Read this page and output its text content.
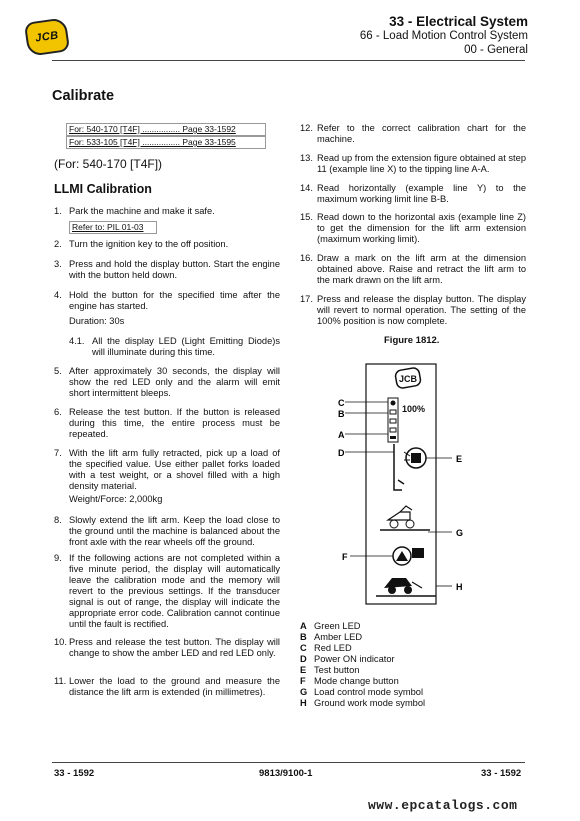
JCB
33 - Electrical System
66 - Load Motion Control System
00 - General
Calibrate
For: 540-170 [T4F] ................ Page 33-1592
For: 533-105 [T4F] ................ Page 33-1595
(For: 540-170 [T4F])
LLMI Calibration
1. Park the machine and make it safe.
Refer to: PIL 01-03
2. Turn the ignition key to the off position.
3. Press and hold the display button. Start the engine with the button held down.
4. Hold the button for the specified time after the engine has started.
Duration: 30s
4.1. All the display LED (Light Emitting Diode)s will illuminate during this time.
5. After approximately 30 seconds, the display will show the red LED only and the alarm will emit short intermittent bleeps.
6. Release the test button. If the button is released during this time, the entire process must be repeated.
7. With the lift arm fully retracted, pick up a load of the specified value. Use either pallet forks loaded with a test weight, or a shovel filled with a high density material.
Weight/Force: 2,000kg
8. Slowly extend the lift arm. Keep the load close to the ground until the machine is balanced about the front axle with the rear wheels off the ground.
9. If the following actions are not completed within a five minute period, the display will automatically leave the calibration mode and the memory will revert to the previous settings. If the transducer signal is out of range, the display will indicate the appropriate error code. Calibration cannot continue until the fault is rectified.
10. Press and release the test button. The display will change to show the amber LED and red LED only.
11. Lower the load to the ground and measure the distance the lift arm is extended (in millimetres).
12. Refer to the correct calibration chart for the machine.
13. Read up from the extension figure obtained at step 11 (example line X) to the tipping line A-A.
14. Read horizontally (example line Y) to the maximum working limit line B-B.
15. Read down to the horizontal axis (example line Z) to get the dimension for the lift arm extension (maximum working limit).
16. Draw a mark on the lift arm at the dimension obtained above. Raise and retract the lift arm to the mark drawn on the lift arm.
17. Press and release the display button. The display will revert to normal operation. The setting of the 100% position is now complete.
Figure 1812.
JCB
100%
C
B
A
D
E
F
G
H
A Green LED
B Amber LED
C Red LED
D Power ON indicator
E Test button
F Mode change button
G Load control mode symbol
H Ground work mode symbol
33 - 1592	9813/9100-1	33 - 1592
www.epcatalogs.com
